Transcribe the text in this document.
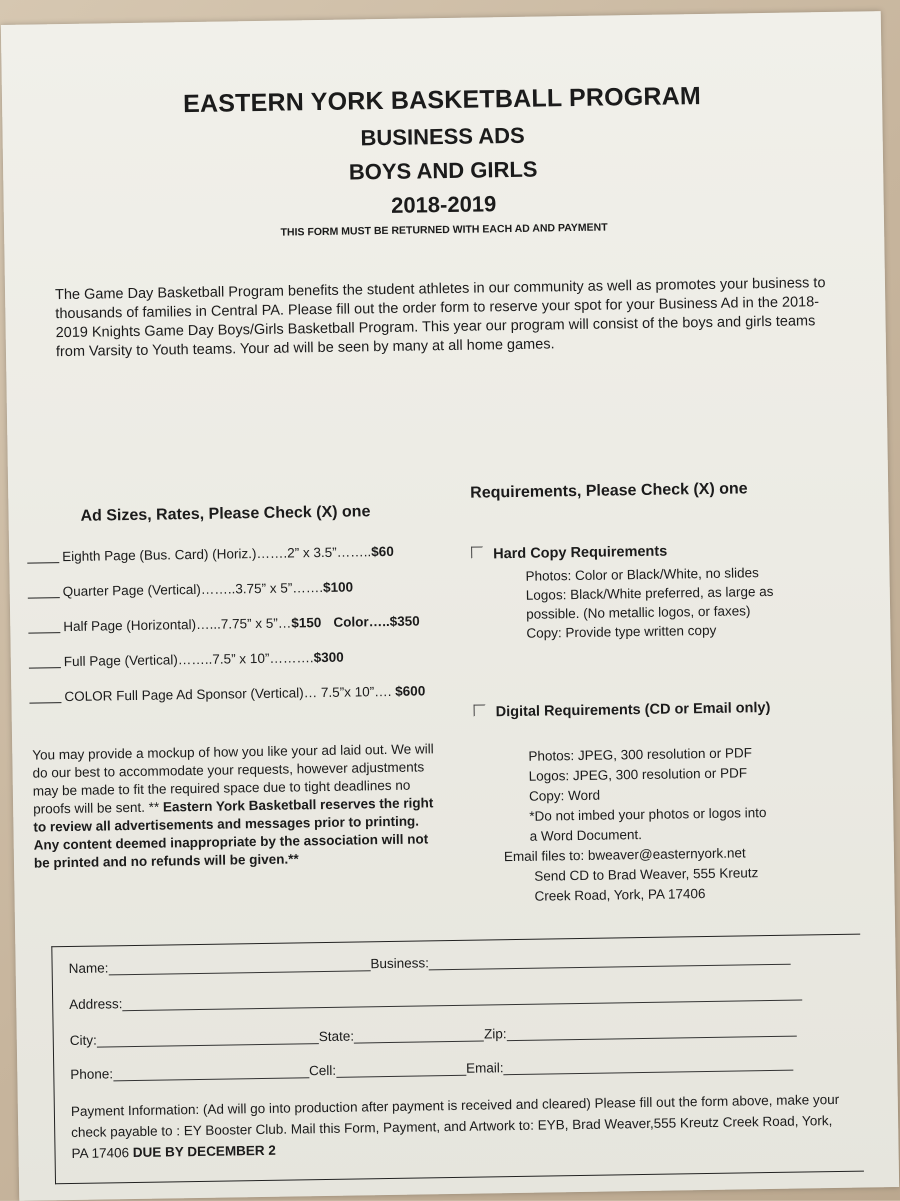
EASTERN YORK BASKETBALL PROGRAM
BUSINESS ADS
BOYS AND GIRLS
2018-2019
THIS FORM MUST BE RETURNED WITH EACH AD AND PAYMENT
The Game Day Basketball Program benefits the student athletes in our community as well as promotes your business to thousands of families in Central PA. Please fill out the order form to reserve your spot for your Business Ad in the 2018-2019 Knights Game Day Boys/Girls Basketball Program. This year our program will consist of the boys and girls teams from Varsity to Youth teams. Your ad will be seen by many at all home games.
Ad Sizes, Rates, Please Check (X) one
Eighth Page (Bus. Card) (Horiz.)…….2” x 3.5”……..$60
Quarter Page (Vertical)……..3.75” x 5”…….$100
Half Page (Horizontal)…...7.75” x 5”…$150 Color…..$350
Full Page (Vertical)……..7.5” x 10”……….$300
COLOR Full Page Ad Sponsor (Vertical)… 7.5”x 10”…. $600
You may provide a mockup of how you like your ad laid out. We will do our best to accommodate your requests, however adjustments may be made to fit the required space due to tight deadlines no proofs will be sent. ** Eastern York Basketball reserves the right to review all advertisements and messages prior to printing. Any content deemed inappropriate by the association will not be printed and no refunds will be given.**
Requirements, Please Check (X) one
Hard Copy Requirements
Photos: Color or Black/White, no slides
Logos: Black/White preferred, as large as possible. (No metallic logos, or faxes)
Copy: Provide type written copy
Digital Requirements (CD or Email only)
Photos: JPEG, 300 resolution or PDF
Logos: JPEG, 300 resolution or PDF
Copy: Word
*Do not imbed your photos or logos into a Word Document.
Email files to: bweaver@easternyork.net
Send CD to Brad Weaver, 555 Kreutz Creek Road, York, PA 17406
Name:	Business:
Address:
City:	State:	Zip:
Phone:	Cell:	Email:
Payment Information: (Ad will go into production after payment is received and cleared) Please fill out the form above, make your check payable to : EY Booster Club. Mail this Form, Payment, and Artwork to: EYB, Brad Weaver,555 Kreutz Creek Road, York, PA 17406 DUE BY DECEMBER 2
